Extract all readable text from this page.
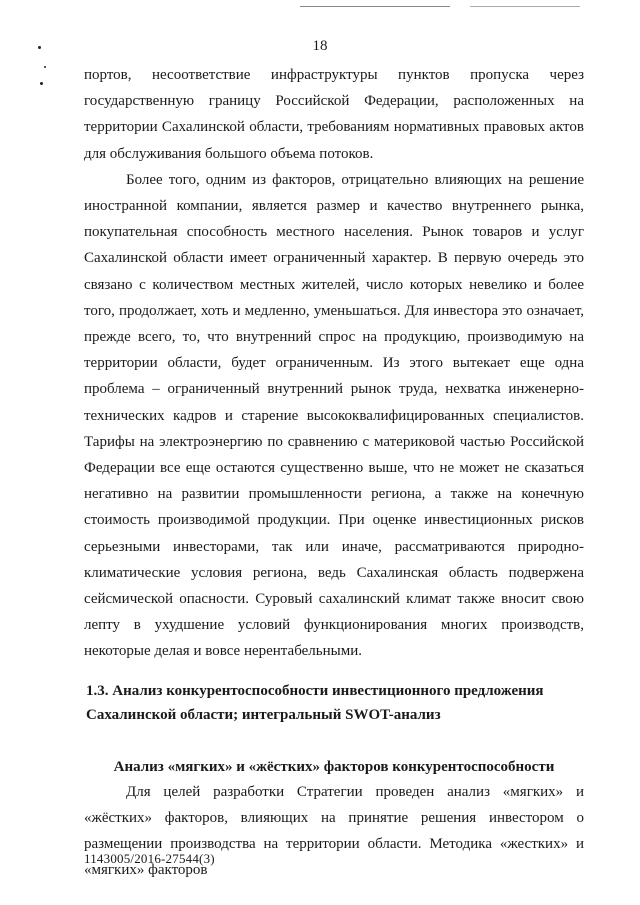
18

портов, несоответствие инфраструктуры пунктов пропуска через государственную границу Российской Федерации, расположенных на территории Сахалинской области, требованиям нормативных правовых актов для обслуживания большого объема потоков.

Более того, одним из факторов, отрицательно влияющих на решение иностранной компании, является размер и качество внутреннего рынка, покупательная способность местного населения. Рынок товаров и услуг Сахалинской области имеет ограниченный характер. В первую очередь это связано с количеством местных жителей, число которых невелико и более того, продолжает, хоть и медленно, уменьшаться. Для инвестора это означает, прежде всего, то, что внутренний спрос на продукцию, производимую на территории области, будет ограниченным. Из этого вытекает еще одна проблема – ограниченный внутренний рынок труда, нехватка инженерно-технических кадров и старение высококвалифицированных специалистов. Тарифы на электроэнергию по сравнению с материковой частью Российской Федерации все еще остаются существенно выше, что не может не сказаться негативно на развитии промышленности региона, а также на конечную стоимость производимой продукции. При оценке инвестиционных рисков серьезными инвесторами, так или иначе, рассматриваются природно-климатические условия региона, ведь Сахалинская область подвержена сейсмической опасности. Суровый сахалинский климат также вносит свою лепту в ухудшение условий функционирования многих производств, некоторые делая и вовсе нерентабельными.

1.3. Анализ конкурентоспособности инвестиционного предложения Сахалинской области; интегральный SWOT-анализ

Анализ «мягких» и «жёстких» факторов конкурентоспособности

Для целей разработки Стратегии проведен анализ «мягких» и «жёстких» факторов, влияющих на принятие решения инвестором о размещении производства на территории области. Методика «жестких» и «мягких» факторов

1143005/2016-27544(3)
